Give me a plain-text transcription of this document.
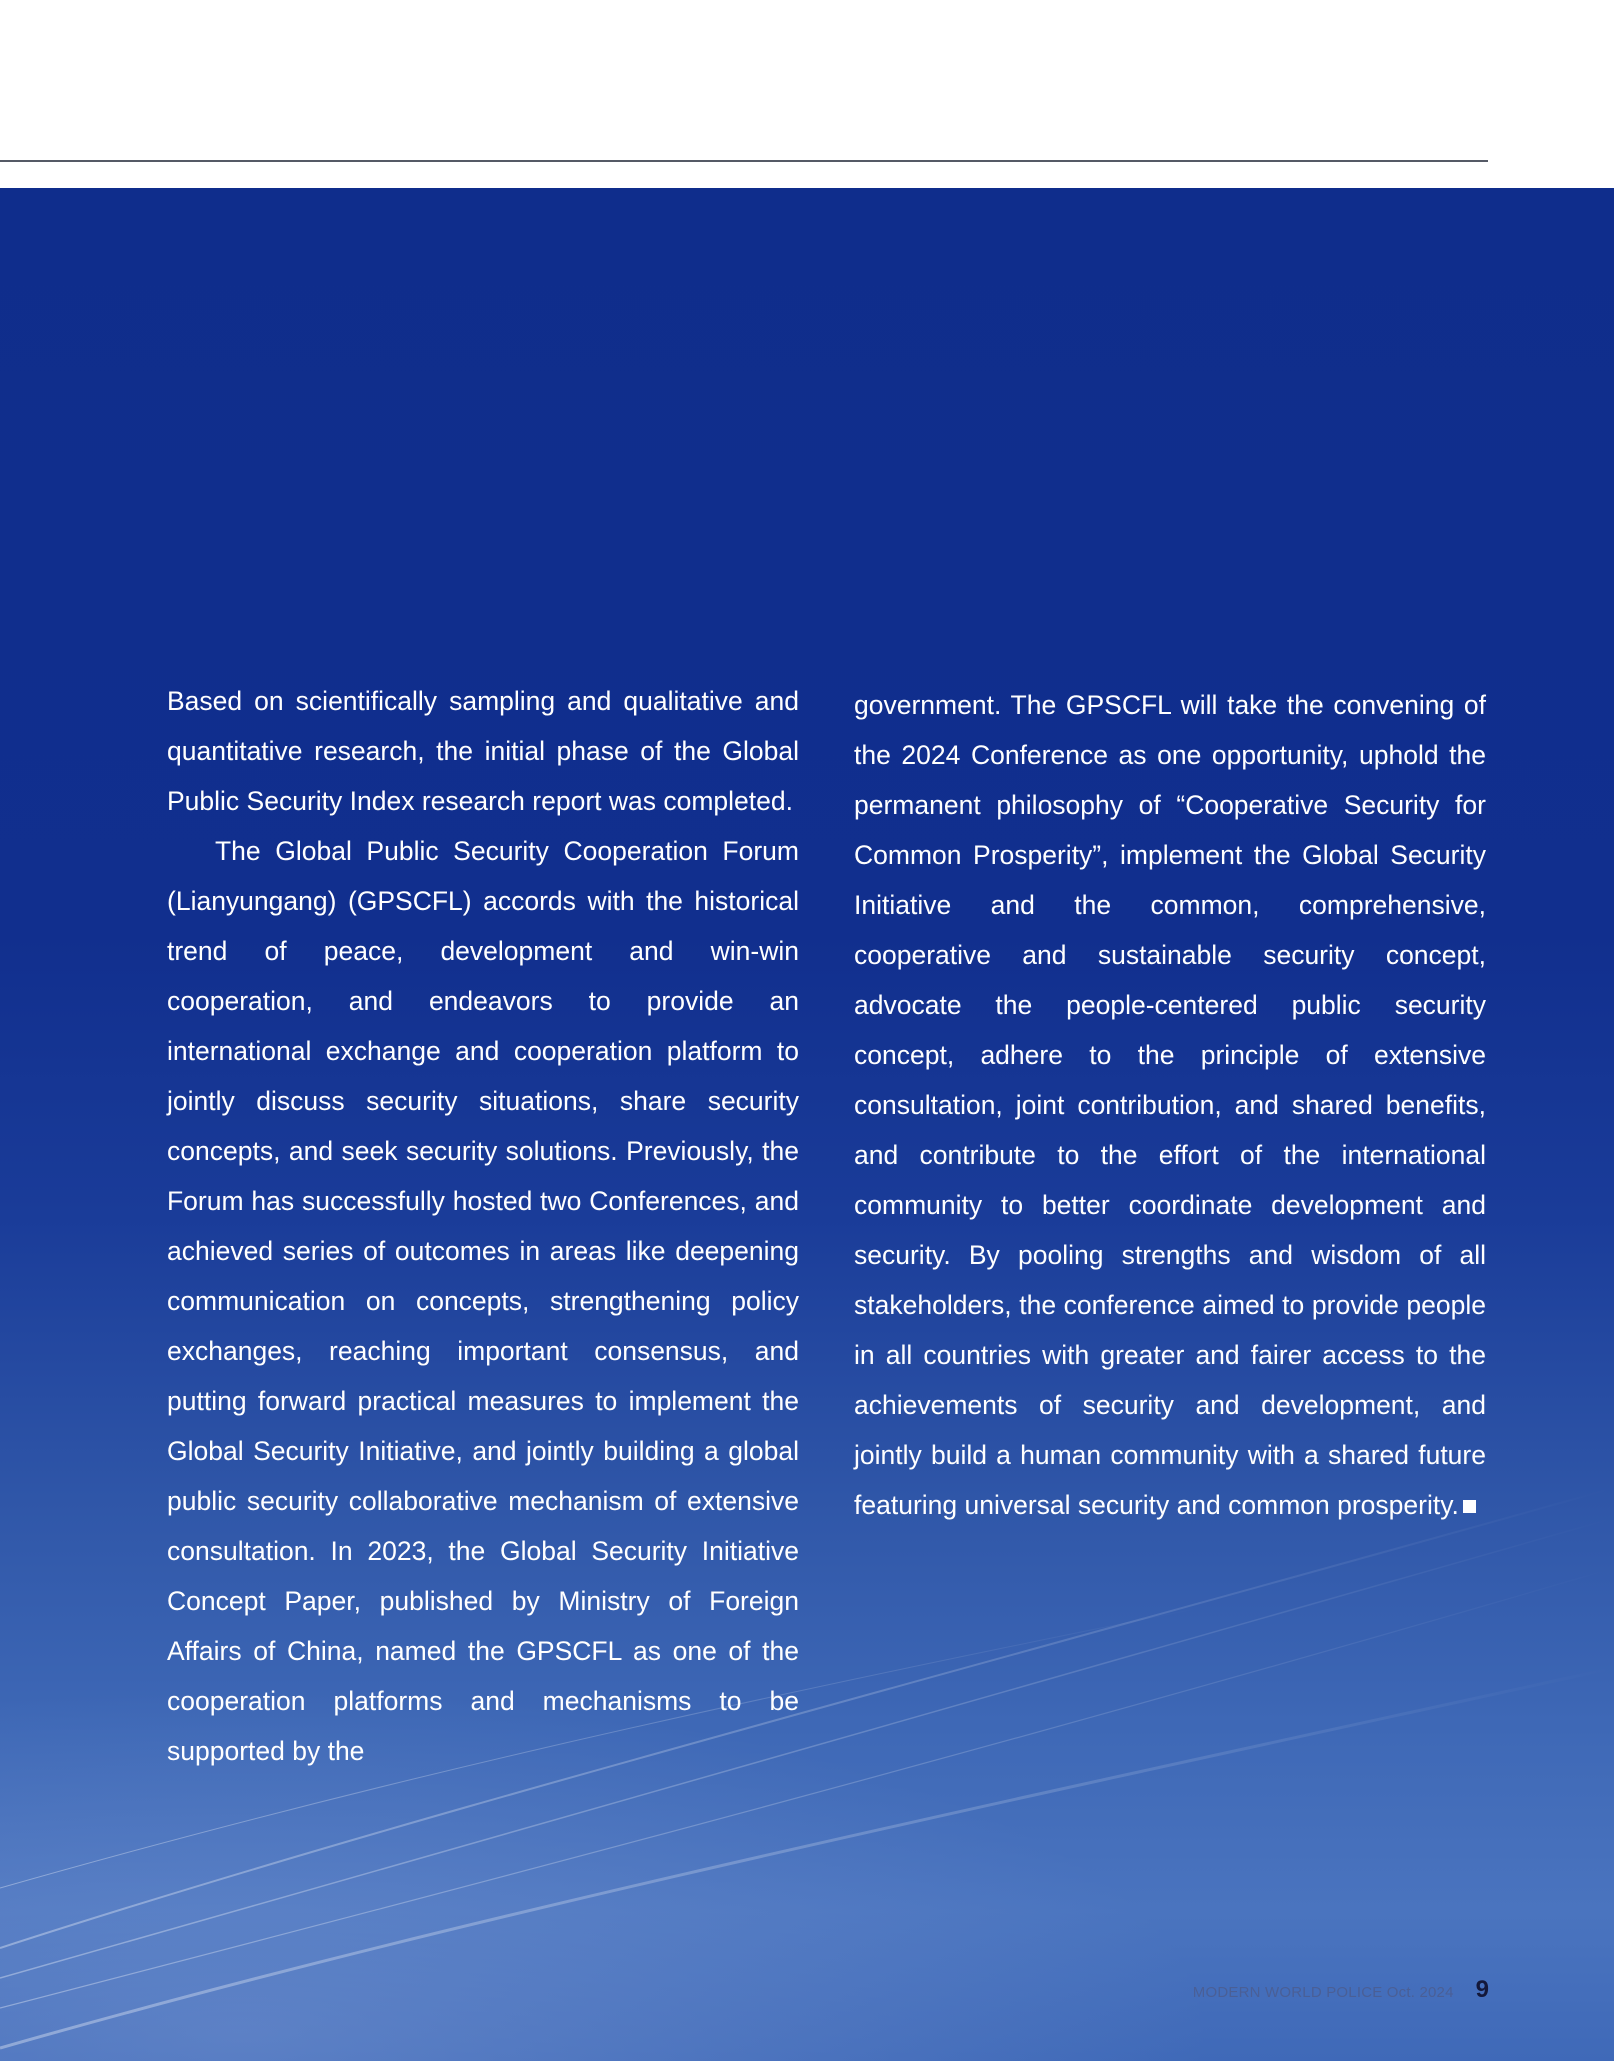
Based on scientifically sampling and qualitative and quantitative research, the initial phase of the Global Public Security Index research report was completed.

The Global Public Security Cooperation Forum (Lianyungang) (GPSCFL) accords with the historical trend of peace, development and win-win cooperation, and endeavors to provide an international exchange and cooperation platform to jointly discuss security situations, share security concepts, and seek security solutions. Previously, the Forum has successfully hosted two Conferences, and achieved series of outcomes in areas like deepening communication on concepts, strengthening policy exchanges, reaching important consensus, and putting forward practical measures to implement the Global Security Initiative, and jointly building a global public security collaborative mechanism of extensive consultation. In 2023, the Global Security Initiative Concept Paper, published by Ministry of Foreign Affairs of China, named the GPSCFL as one of the cooperation platforms and mechanisms to be supported by the

government. The GPSCFL will take the convening of the 2024 Conference as one opportunity, uphold the permanent philosophy of “Cooperative Security for Common Prosperity”, implement the Global Security Initiative and the common, comprehensive, cooperative and sustainable security concept, advocate the people-centered public security concept, adhere to the principle of extensive consultation, joint contribution, and shared benefits, and contribute to the effort of the international community to better coordinate development and security. By pooling strengths and wisdom of all stakeholders, the conference aimed to provide people in all countries with greater and fairer access to the achievements of security and development, and jointly build a human community with a shared future featuring universal security and common prosperity.

MODERN WORLD POLICE Oct. 2024 9
